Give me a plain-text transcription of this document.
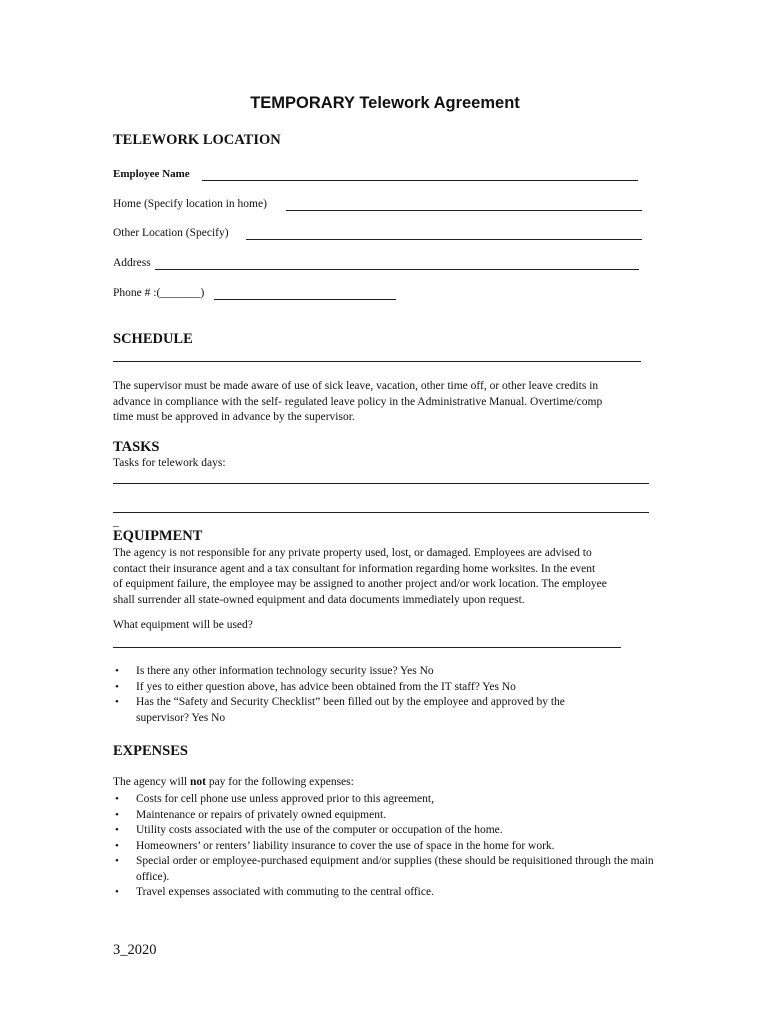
TEMPORARY Telework Agreement
TELEWORK LOCATION
Employee Name
Home (Specify location in home)
Other Location (Specify)
Address
Phone # :(_______)
SCHEDULE
The supervisor must be made aware of use of sick leave, vacation, other time off, or other leave credits in
advance in compliance with the self- regulated leave policy in the Administrative Manual. Overtime/comp
time must be approved in advance by the supervisor.
TASKS
Tasks for telework days:
_
EQUIPMENT
The agency is not responsible for any private property used, lost, or damaged. Employees are advised to
contact their insurance agent and a tax consultant for information regarding home worksites. In the event
of equipment failure, the employee may be assigned to another project and/or work location. The employee
shall surrender all state-owned equipment and data documents immediately upon request.
What equipment will be used?
• Is there any other information technology security issue? Yes No
• If yes to either question above, has advice been obtained from the IT staff? Yes No
• Has the “Safety and Security Checklist” been filled out by the employee and approved by the supervisor? Yes No
EXPENSES
The agency will not pay for the following expenses:
• Costs for cell phone use unless approved prior to this agreement,
• Maintenance or repairs of privately owned equipment.
• Utility costs associated with the use of the computer or occupation of the home.
• Homeowners’ or renters’ liability insurance to cover the use of space in the home for work.
• Special order or employee-purchased equipment and/or supplies (these should be requisitioned through the main office).
• Travel expenses associated with commuting to the central office.
3_2020
